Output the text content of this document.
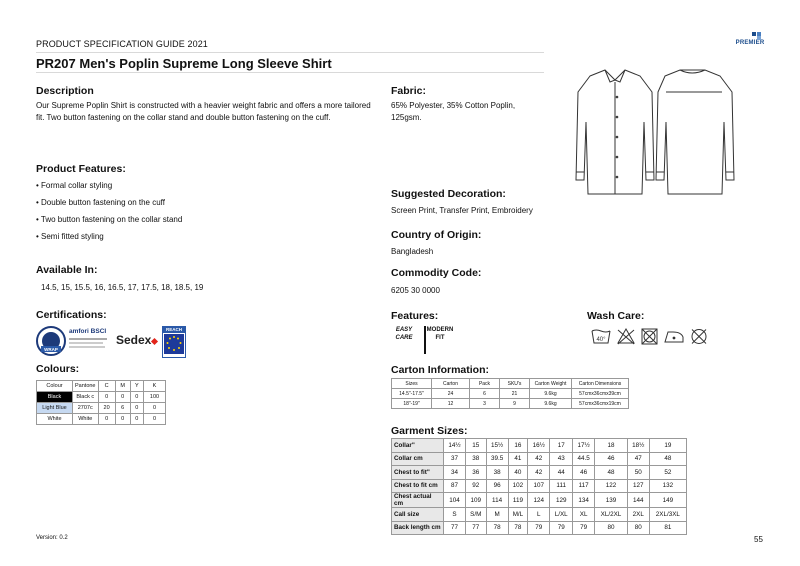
PRODUCT SPECIFICATION GUIDE 2021
PR207 Men's Poplin Supreme Long Sleeve Shirt
PREMIER
Description
Our Supreme Poplin Shirt is constructed with a heavier weight fabric and offers a more tailored fit. Two button fastening on the collar stand and double button fastening on the cuff.
Product Features:
• Formal collar styling
• Double button fastening on the cuff
• Two button fastening on the collar stand
• Semi fitted styling
Available In:
14.5, 15, 15.5, 16, 16.5, 17, 17.5, 18, 18.5, 19
Certifications:
WRAP
amfori BSCI
Sedex
REACH
Colours:
Colour	Pantone	C	M	Y	K
Black	Black c	0	0	0	100
Light Blue	2707c	20	6	0	0
White	White	0	0	0	0
Fabric:
65% Polyester, 35% Cotton Poplin, 125gsm.
Suggested Decoration:
Screen Print, Transfer Print, Embroidery
Country of Origin:
Bangladesh
Commodity Code:
6205 30 0000
Features:
EASY CARE
MODERN FIT
Wash Care:
40°
Carton Information:
Sizes	Carton	Pack	SKU's	Carton Weight	Carton Dimensions
14.5"-17.5"	24	6	21	9.6kg	57cmx36cmx39cm
18"-19"	12	3	9	9.6kg	57cmx36cmx19cm
Garment Sizes:
Collar"	14½	15	15½	16	16½	17	17½	18	18½	19
Collar cm	37	38	39.5	41	42	43	44.5	46	47	48
Chest to fit"	34	36	38	40	42	44	46	48	50	52
Chest to fit cm	87	92	96	102	107	111	117	122	127	132
Chest actual cm	104	109	114	119	124	129	134	139	144	149
Call size	S	S/M	M	M/L	L	L/XL	XL	XL/2XL	2XL	2XL/3XL
Back length cm	77	77	78	78	79	79	79	80	80	81
Version: 0.2	55
